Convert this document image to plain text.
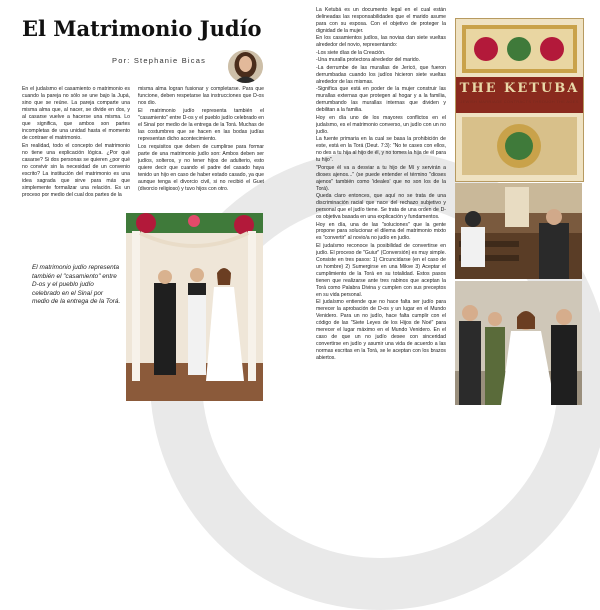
El Matrimonio Judío
Por: Stephanie Bicas

En el judaísmo el casamiento o matrimonio es cuando la pareja no sólo se une bajo la Jupá, sino que se reúne. La pareja comparte una misma alma que, al nacer, se divide en dos, y al casarse vuelve a hacerse una misma. Lo que significa, que ambos son partes incompletas de una unidad hasta el momento de contraer el matrimonio.

En realidad, todo el concepto del matrimonio no tiene una explicación lógica. ¿Por qué casarse? Si dos personas se quieren ¿por qué no convivir sin la necesidad de un convenio escrito? La institución del matrimonio es una idea sagrada que sirve para más que simplemente formalizar una relación. Es un proceso por medio del cual dos partes de la

misma alma logran fusionar y completarse. Para que funcione, deben respetarse las instrucciones que D-os nos dio.

El matrimonio judío representa también el "casamiento" entre D-os y el pueblo judío celebrado en el Sinaí por medio de la entrega de la Torá. Muchas de las costumbres que se hacen en las bodas judías representan dicho acontecimiento.

Los requisitos que deben de cumplirse para formar parte de una matrimonio judío son: Ambos deben ser judíos, solteros, y no tener hijos de adulterio, esto quiere decir que cuando el padre del casado haya tenido un hijo en caso de haber estado casado, ya que aunque tenga el divorcio civil, si no recibió el Guet (divorcio religioso) y tuvo hijos con otro.

El matrimonio judío representa también el "casamiento" entre D-os y el pueblo judío celebrado en el Sinaí por medio de la entrega de la Torá.

La Ketubá es un documento legal en el cual están delineadas las responsabilidades que el marido asume para con su esposa. Con el objetivo de proteger la dignidad de la mujer.

En los casamientos judíos, las novias dan siete vueltas alrededor del novio, representando:

-Los siete días de la Creación.

-Una muralla protectora alrededor del marido.

-La derrumbe de las murallas de Jericó, que fueron derrumbadas cuando los judíos hicieron siete vueltas alrededor de las mismas.

-Significa que está en poder de la mujer construir las murallas externas que protegen al hogar y a la familia, derrumbando las murallas internas que dividen y debilitan a la familia.

Hoy en día uno de los mayores conflictos en el judaísmo, es el matrimonio converso, un judío con un no judío.

La fuente primaria en la cual se basa la prohibición de este, está en la Torá (Deut. 7:3): "No te cases con ellos, no des a tu hija al hijo de él, y no tomes la hija de él para tu hijo".

"Porque él va a desviar a tu hijo de Mí y servirán a dioses ajenos..." (se puede entender el término "dioses ajenos" también como 'ideales' que no son los de la Torá).

Queda claro entonces, que aquí no se trata de una discriminación racial que nace del rechazo subjetivo y personal que el judío tiene. Se trata de una orden de D-os objetiva basada en una explicación y fundamentos.

Hoy en día, una de las "soluciones" que la gente propone para solucionar el dilema del matrimonio mixto es "convertir" al novio/a no judío en judío.

El judaísmo reconoce la posibilidad de convertirse en judío. El proceso de "Guiur" (Conversión) es muy simple. Consiste en tres pasos: 1) Circuncidarse (en el caso de un hombre) 2) Sumergirse en una Mikve 3) Aceptar el cumplimiento de la Torá en su totalidad. Estos pasos tienen que realizarse ante tres rabinos que aceptan la Torá como Palabra Divina y cumplen con sus preceptos en su vida personal.

El judaísmo entiende que no hace falta ser judío para merecer la aprobación de D-os y un lugar en el Mundo Venidero. Para un no judío, hace falta cumplir con el código de las "Siete Leyes de los Hijos de Noé" para merecer el lugar máximo en el Mundo Venidero. En el caso de que un no judío desee con sinceridad convertirse en judío y asumir una vida de acuerdo a las normas escritas en la Torá, se le aceptan con los brazos abiertos.

THE KETUBA
JEWISH MARRIAGE CONTRACTS THROUGH THE AGES
